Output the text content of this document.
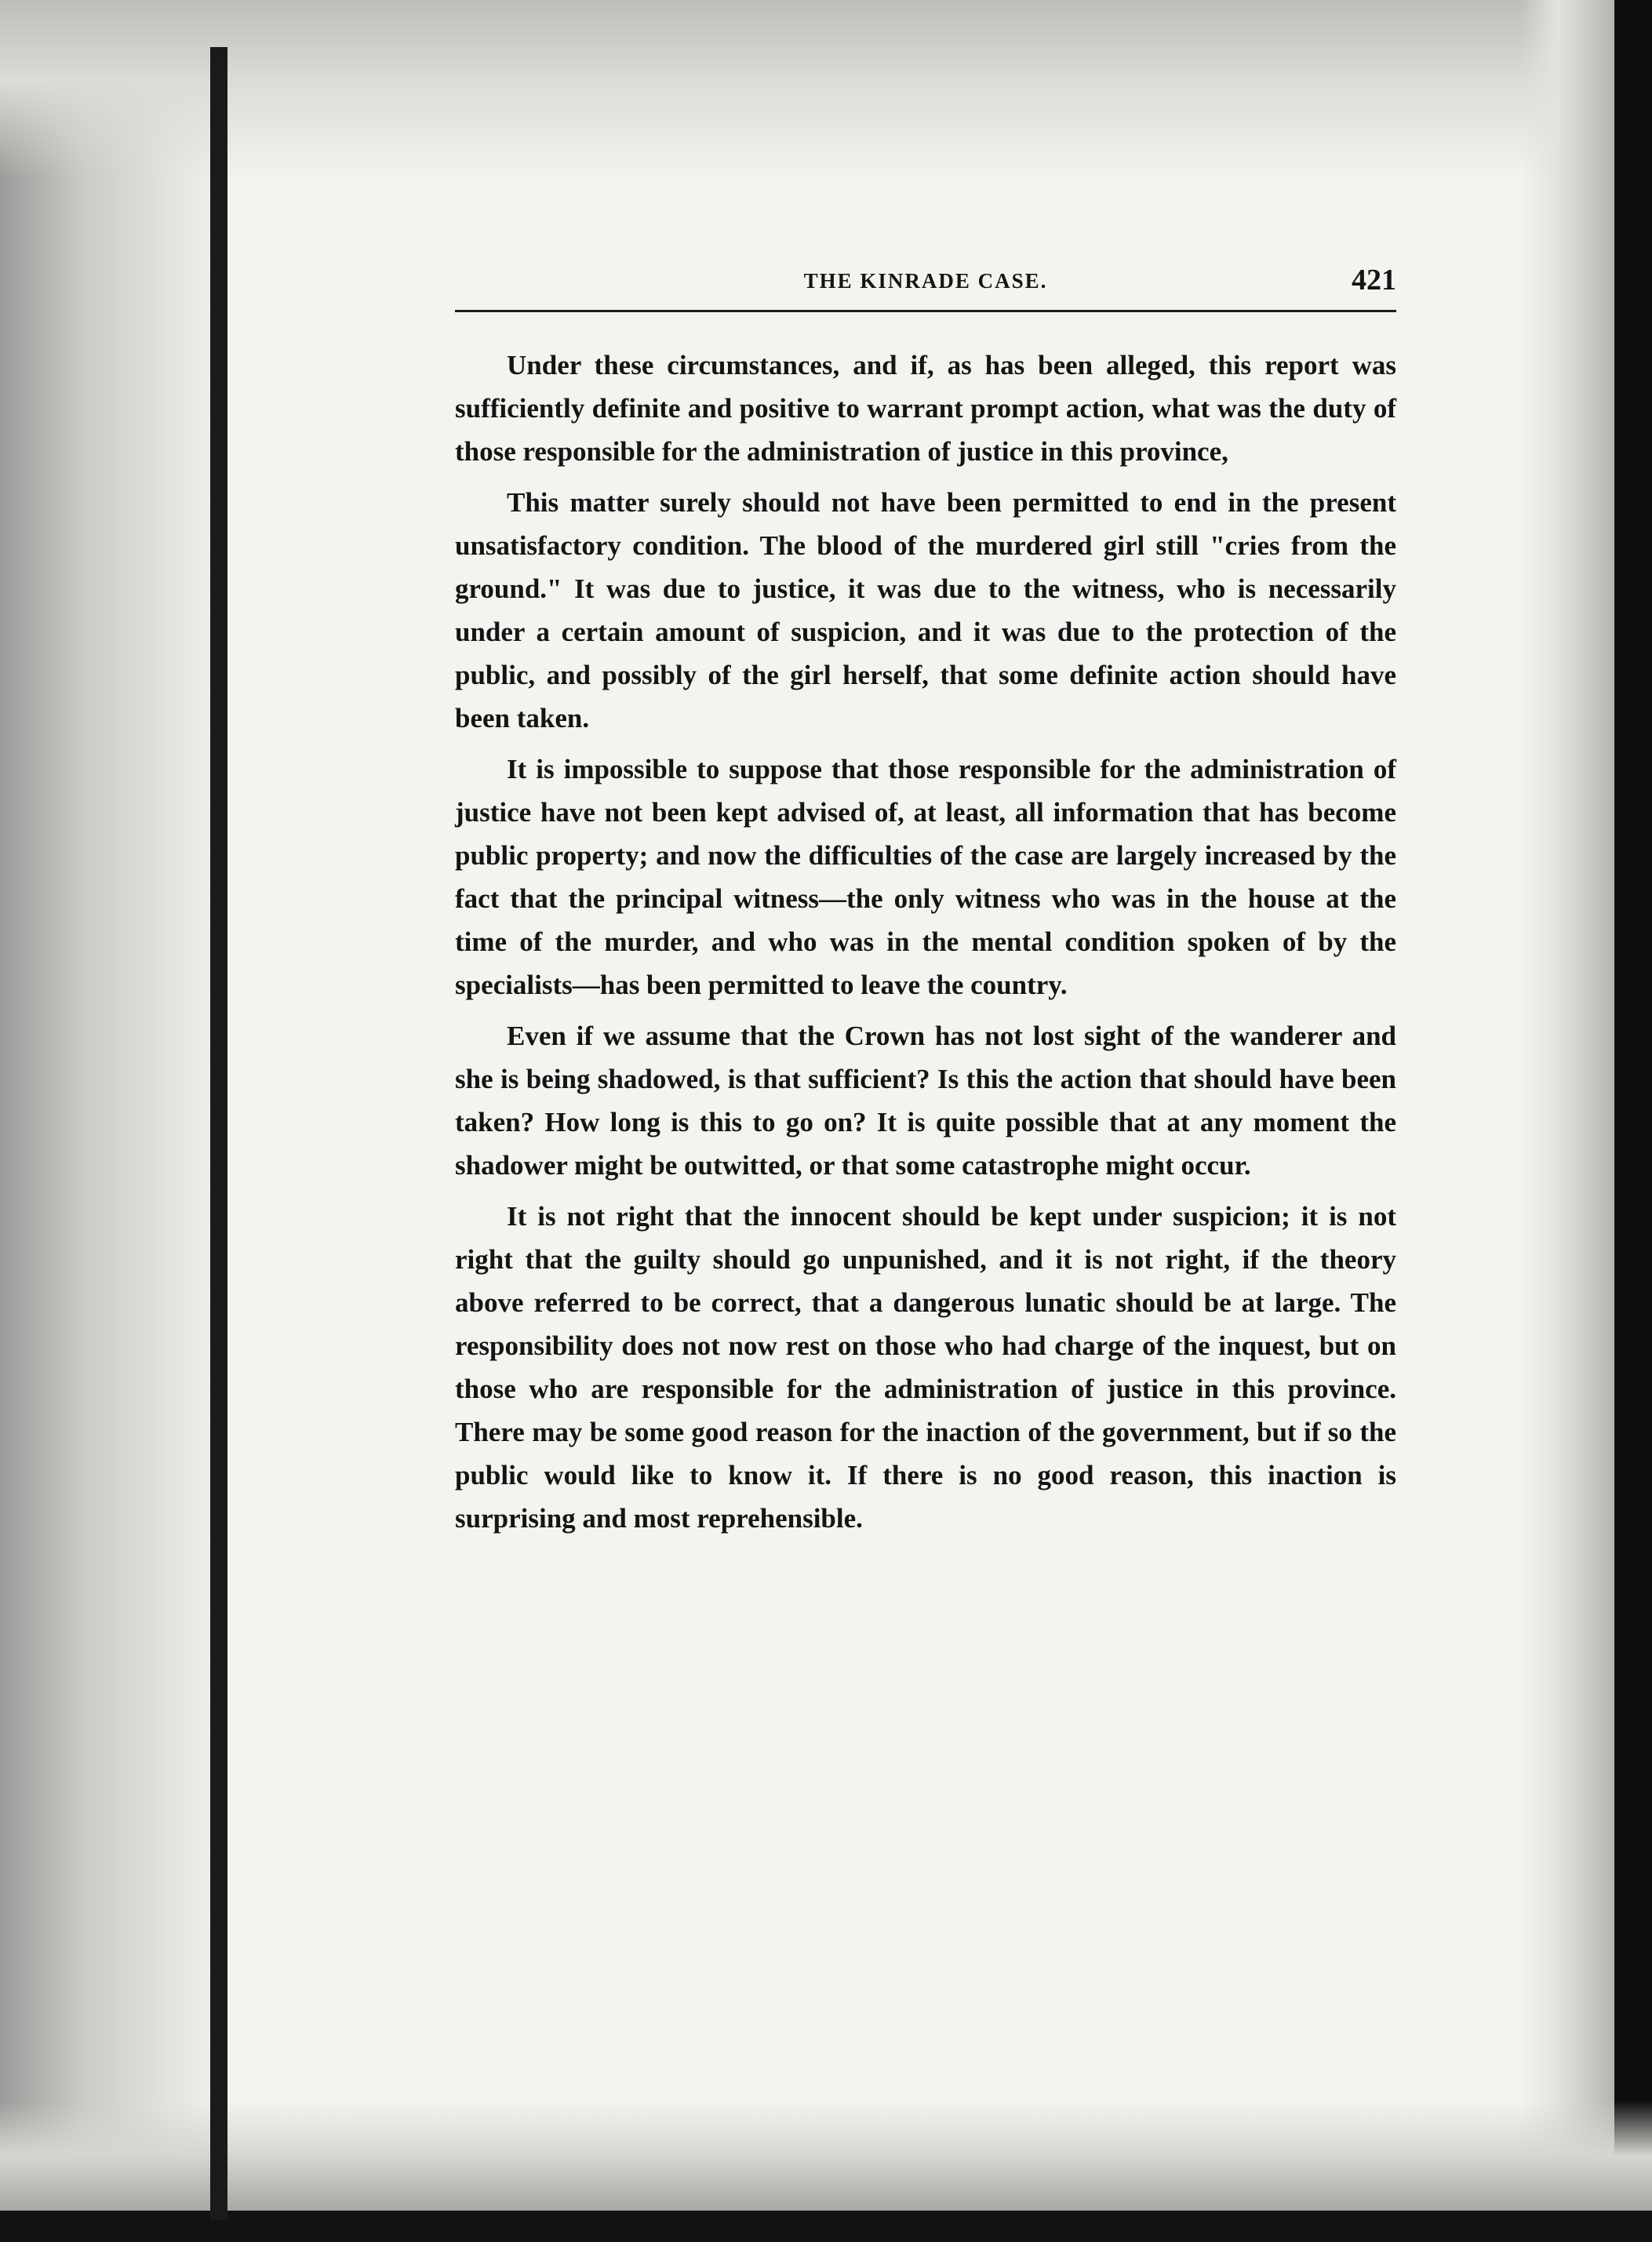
THE KINRADE CASE.	421

Under these circumstances, and if, as has been alleged, this report was sufficiently definite and positive to warrant prompt action, what was the duty of those responsible for the administration of justice in this province,

This matter surely should not have been permitted to end in the present unsatisfactory condition. The blood of the murdered girl still "cries from the ground." It was due to justice, it was due to the witness, who is necessarily under a certain amount of suspicion, and it was due to the protection of the public, and possibly of the girl herself, that some definite action should have been taken.

It is impossible to suppose that those responsible for the administration of justice have not been kept advised of, at least, all information that has become public property; and now the difficulties of the case are largely increased by the fact that the principal witness—the only witness who was in the house at the time of the murder, and who was in the mental condition spoken of by the specialists—has been permitted to leave the country.

Even if we assume that the Crown has not lost sight of the wanderer and she is being shadowed, is that sufficient? Is this the action that should have been taken? How long is this to go on? It is quite possible that at any moment the shadower might be outwitted, or that some catastrophe might occur.

It is not right that the innocent should be kept under suspicion; it is not right that the guilty should go unpunished, and it is not right, if the theory above referred to be correct, that a dangerous lunatic should be at large. The responsibility does not now rest on those who had charge of the inquest, but on those who are responsible for the administration of justice in this province. There may be some good reason for the inaction of the government, but if so the public would like to know it. If there is no good reason, this inaction is surprising and most reprehensible.
